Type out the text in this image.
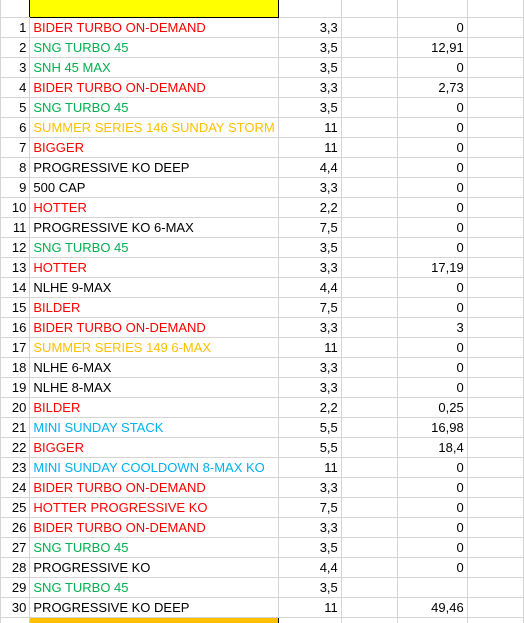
1	BIDER TURBO ON-DEMAND	3,3		0	
2	SNG TURBO 45	3,5		12,91	
3	SNH 45 MAX	3,5		0	
4	BIDER TURBO ON-DEMAND	3,3		2,73	
5	SNG TURBO 45	3,5		0	
6	SUMMER SERIES 146 SUNDAY STORM	11		0	
7	BIGGER	11		0	
8	PROGRESSIVE KO DEEP	4,4		0	
9	500 CAP	3,3		0	
10	HOTTER	2,2		0	
11	PROGRESSIVE KO 6-MAX	7,5		0	
12	SNG TURBO 45	3,5		0	
13	HOTTER	3,3		17,19	
14	NLHE 9-MAX	4,4		0	
15	BILDER	7,5		0	
16	BIDER TURBO ON-DEMAND	3,3		3	
17	SUMMER SERIES 149 6-MAX	11		0	
18	NLHE 6-MAX	3,3		0	
19	NLHE 8-MAX	3,3		0	
20	BILDER	2,2		0,25	
21	MINI SUNDAY STACK	5,5		16,98	
22	BIGGER	5,5		18,4	
23	MINI SUNDAY COOLDOWN 8-MAX KO	11		0	
24	BIDER TURBO ON-DEMAND	3,3		0	
25	HOTTER PROGRESSIVE KO	7,5		0	
26	BIDER TURBO ON-DEMAND	3,3		0	
27	SNG TURBO 45	3,5		0	
28	PROGRESSIVE KO	4,4		0	
29	SNG TURBO 45	3,5			
30	PROGRESSIVE KO DEEP	11		49,46	
